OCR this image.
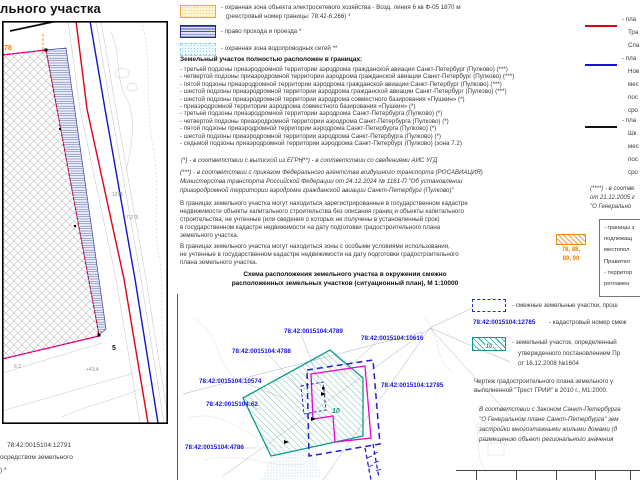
льного участка
78
1276
7.275
5
+43.4
6.3
- охранная зона объекта электросетевого хозяйства - Возд. линия 6 кв Ф-05 1870 м
(реестровый номер границы: 78:42-6.266) *
- право прохода и проезда *
- охранная зона водопроводных сетей **
Земельный участок полностью расположен в границах:
- третьей подзоны приаэродромной территории аэродрома гражданской авиации Санкт-Петербург (Пулково) (***)
- четвертой подзоны приаэродромной территории аэродрома гражданской авиации Санкт-Петербург (Пулково) (***)
- пятой подзоны приаэродромной территории аэродрома гражданской авиации Санкт-Петербург (Пулково) (***)
- шестой подзоны приаэродромной территории аэродрома гражданской авиации Санкт-Петербург (Пулково) (***)
- шестой подзоны приаэродромной территории аэродрома совместного базирования «Пушкин» (*)
- приаэродромной территории аэродрома совместного базирования «Пушкин» (*)
- третьей подзоны приаэродромной территории аэродрома Санкт-Петербурга (Пулково) (*)
- четвертой подзоны приаэродромной территории аэродрома Санкт-Петербурга (Пулково) (*)
- пятой подзоны приаэродромной территории аэродрома Санкт-Петербурга (Пулково) (*)
- шестой подзоны приаэродромной территории аэродрома Санкт-Петербурга (Пулково) (*)
- седьмой подзоны приаэродромной территории аэродрома Санкт-Петербург (Пулково) (зона 7.2)
(*) - в соответствии с выпиской из ЕГРН
(**) - в соответствии со сведениями АИС УГД
(***) - в соответствии с приказом Федерального агентства воздушного транспорта (РОСАВИАЦИЯ)
Министерства транспорта Российской Федерации от 24.12.2024 № 1161-П "Об установлении
приаэродромной территории аэродрома гражданской авиации Санкт-Петербург (Пулково)"
В границах земельного участка могут находиться зарегистрированные в государственном кадастре
недвижимости объекты капитального строительства без описания границ и объекты капитального
строительства, не учтенные (или сведения о которых не получены в установленный срок)
в государственном кадастре недвижимости на дату подготовки градостроительного плана
земельного участка.
В границах земельного участка могут находиться зоны с особыми условиями использования,
не учтенные в государственном кадастре недвижимости на дату подготовки градостроительного
плана земельного участка.
Схема расположения земельного участка в окружении смежно
расположенных земельных участков (ситуационный план), М 1:10000
78:42:0015104:4789
78:42:0015104:10616
78:42:0015104:4788
78:42:0015104:10574
78:42:0015104:62
78:42:0015104:4786
78:42:0015104:12785
10
- пла
Тра
Спа
- пла
Нов
мес
пос
сро
- пла
Шк
мес
пос
сро
(****) - в соотве
от 21.12.2005 г
"О Генерально
78, 88,
89, 90
- границы з
подлежащ
местопол
Правител
- территор
регламен
- смежные земельные участки, прош
78:42:0015104:12785 - кадастровый номер смеж
10
- земельный участок, определенный
утвержденного постановлением Пр
от 16.12.2008 №1604
Чертеж градостроительного плана земельного у
выполненной "Трест ГРИИ" в 2010 г., М1:2000.
В соответствии с Законом Санкт-Петербурга
"О Генеральном плане Санкт-Петербурга" зем
застройки многоэтажными жилыми домами (д
размещению объект регионального значения
78:42:0015104:12791
осредством земельного
) *
